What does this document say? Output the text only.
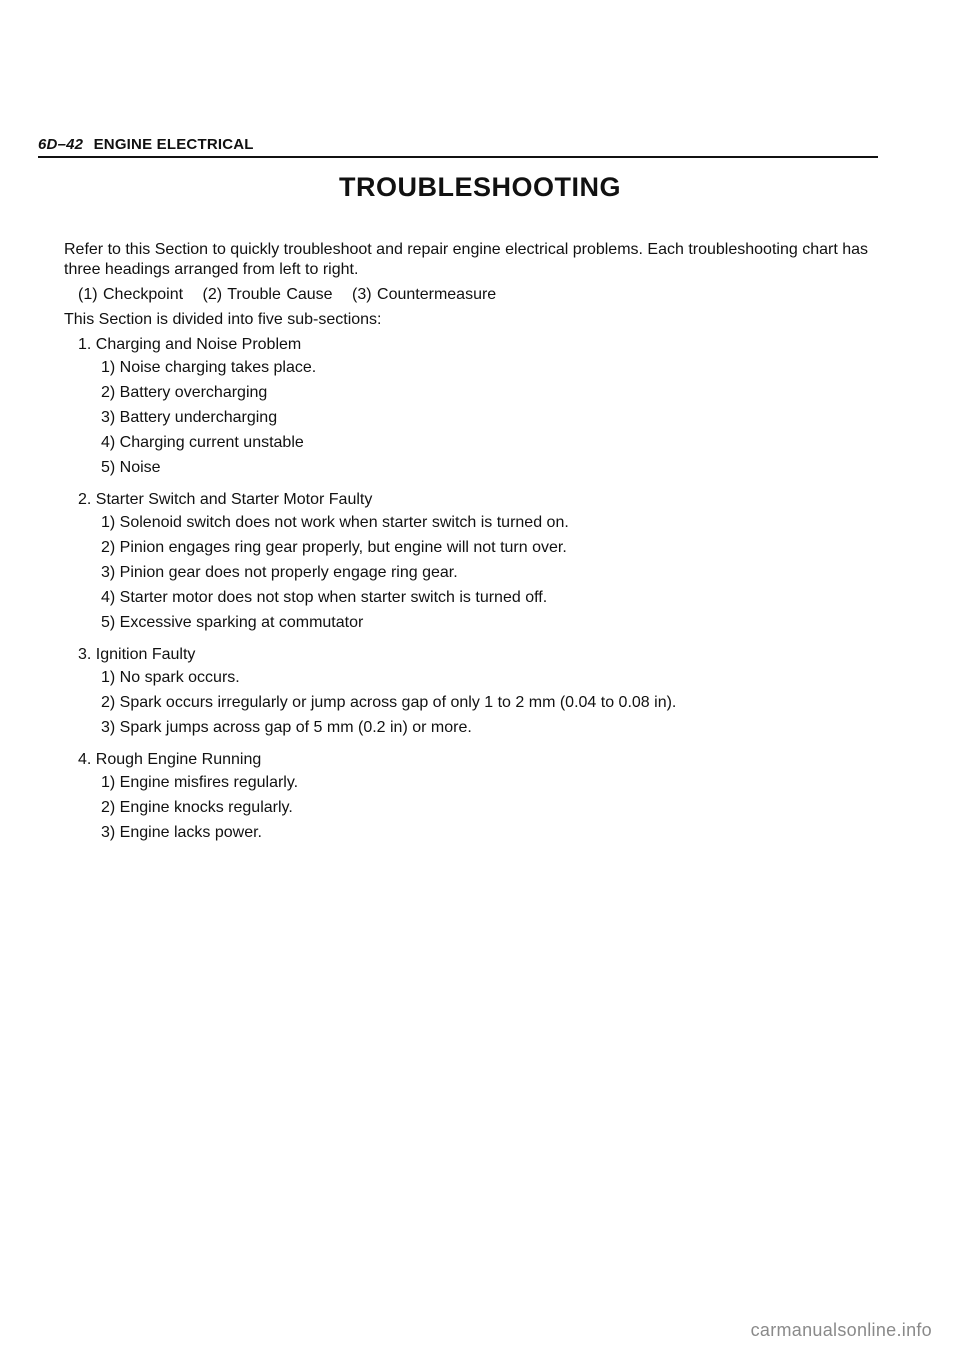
6D–42 ENGINE ELECTRICAL
TROUBLESHOOTING

Refer to this Section to quickly troubleshoot and repair engine electrical problems. Each troubleshooting chart has three headings arranged from left to right.

(1) Checkpoint (2) Trouble Cause (3) Countermeasure

This Section is divided into five sub-sections:

1. Charging and Noise Problem
1) Noise charging takes place.
2) Battery overcharging
3) Battery undercharging
4) Charging current unstable
5) Noise
2. Starter Switch and Starter Motor Faulty
1) Solenoid switch does not work when starter switch is turned on.
2) Pinion engages ring gear properly, but engine will not turn over.
3) Pinion gear does not properly engage ring gear.
4) Starter motor does not stop when starter switch is turned off.
5) Excessive sparking at commutator
3. Ignition Faulty
1) No spark occurs.
2) Spark occurs irregularly or jump across gap of only 1 to 2 mm (0.04 to 0.08 in).
3) Spark jumps across gap of 5 mm (0.2 in) or more.
4. Rough Engine Running
1) Engine misfires regularly.
2) Engine knocks regularly.
3) Engine lacks power.
carmanualsonline.info
